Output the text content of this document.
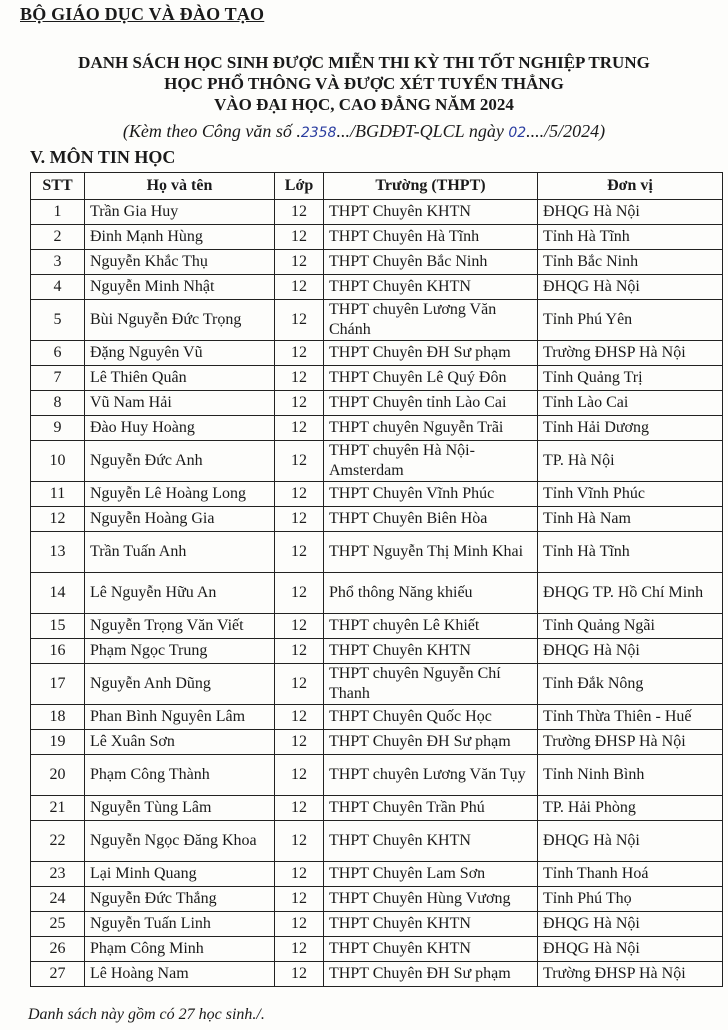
BỘ GIÁO DỤC VÀ ĐÀO TẠO
DANH SÁCH HỌC SINH ĐƯỢC MIỄN THI KỲ THI TỐT NGHIỆP TRUNG
HỌC PHỔ THÔNG VÀ ĐƯỢC XÉT TUYỂN THẲNG
VÀO ĐẠI HỌC, CAO ĐẲNG NĂM 2024
(Kèm theo Công văn số .2358.../BGDĐT-QLCL ngày 02..../5/2024)
V. MÔN TIN HỌC
STT	Họ và tên	Lớp	Trường (THPT)	Đơn vị
1	Trần Gia Huy	12	THPT Chuyên KHTN	ĐHQG Hà Nội
2	Đinh Mạnh Hùng	12	THPT Chuyên Hà Tĩnh	Tỉnh Hà Tĩnh
3	Nguyễn Khắc Thụ	12	THPT Chuyên Bắc Ninh	Tỉnh Bắc Ninh
4	Nguyễn Minh Nhật	12	THPT Chuyên KHTN	ĐHQG Hà Nội
5	Bùi Nguyễn Đức Trọng	12	THPT chuyên Lương Văn Chánh	Tỉnh Phú Yên
6	Đặng Nguyên Vũ	12	THPT Chuyên ĐH Sư phạm	Trường ĐHSP Hà Nội
7	Lê Thiên Quân	12	THPT Chuyên Lê Quý Đôn	Tỉnh Quảng Trị
8	Vũ Nam Hải	12	THPT Chuyên tỉnh Lào Cai	Tỉnh Lào Cai
9	Đào Huy Hoàng	12	THPT chuyên Nguyễn Trãi	Tỉnh Hải Dương
10	Nguyễn Đức Anh	12	THPT chuyên Hà Nội-Amsterdam	TP. Hà Nội
11	Nguyễn Lê Hoàng Long	12	THPT Chuyên Vĩnh Phúc	Tỉnh Vĩnh Phúc
12	Nguyễn Hoàng Gia	12	THPT Chuyên Biên Hòa	Tỉnh Hà Nam
13	Trần Tuấn Anh	12	THPT Nguyễn Thị Minh Khai	Tỉnh Hà Tĩnh
14	Lê Nguyễn Hữu An	12	Phổ thông Năng khiếu	ĐHQG TP. Hồ Chí Minh
15	Nguyễn Trọng Văn Viết	12	THPT chuyên Lê Khiết	Tỉnh Quảng Ngãi
16	Phạm Ngọc Trung	12	THPT Chuyên KHTN	ĐHQG Hà Nội
17	Nguyễn Anh Dũng	12	THPT chuyên Nguyễn Chí Thanh	Tỉnh Đắk Nông
18	Phan Bình Nguyên Lâm	12	THPT Chuyên Quốc Học	Tỉnh Thừa Thiên - Huế
19	Lê Xuân Sơn	12	THPT Chuyên ĐH Sư phạm	Trường ĐHSP Hà Nội
20	Phạm Công Thành	12	THPT chuyên Lương Văn Tụy	Tỉnh Ninh Bình
21	Nguyễn Tùng Lâm	12	THPT Chuyên Trần Phú	TP. Hải Phòng
22	Nguyễn Ngọc Đăng Khoa	12	THPT Chuyên KHTN	ĐHQG Hà Nội
23	Lại Minh Quang	12	THPT Chuyên Lam Sơn	Tỉnh Thanh Hoá
24	Nguyễn Đức Thắng	12	THPT Chuyên Hùng Vương	Tỉnh Phú Thọ
25	Nguyễn Tuấn Linh	12	THPT Chuyên KHTN	ĐHQG Hà Nội
26	Phạm Công Minh	12	THPT Chuyên KHTN	ĐHQG Hà Nội
27	Lê Hoàng Nam	12	THPT Chuyên ĐH Sư phạm	Trường ĐHSP Hà Nội
Danh sách này gồm có 27 học sinh./.
